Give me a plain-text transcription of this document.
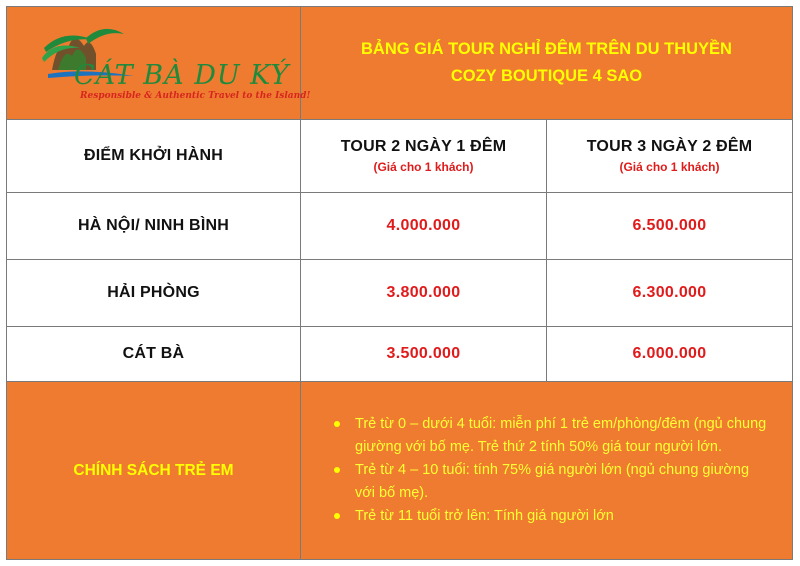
CÁT BÀ DU KÝ
Responsible & Authentic Travel to the Island!
BẢNG GIÁ TOUR NGHỈ ĐÊM TRÊN DU THUYỀN
COZY BOUTIQUE 4 SAO
ĐIỂM KHỞI HÀNH
TOUR 2 NGÀY 1 ĐÊM
(Giá cho 1 khách)
TOUR 3 NGÀY 2 ĐÊM
(Giá cho 1 khách)
HÀ NỘI/ NINH BÌNH	4.000.000	6.500.000
HẢI PHÒNG	3.800.000	6.300.000
CÁT BÀ	3.500.000	6.000.000
CHÍNH SÁCH TRẺ EM
Trẻ từ 0 – dưới 4 tuổi: miễn phí 1 trẻ em/phòng/đêm (ngủ chung giường với bố mẹ. Trẻ thứ 2 tính 50% giá tour người lớn.
Trẻ từ 4 – 10 tuổi: tính 75% giá người lớn (ngủ chung giường với bố mẹ).
Trẻ từ 11 tuổi trở lên: Tính giá người lớn
